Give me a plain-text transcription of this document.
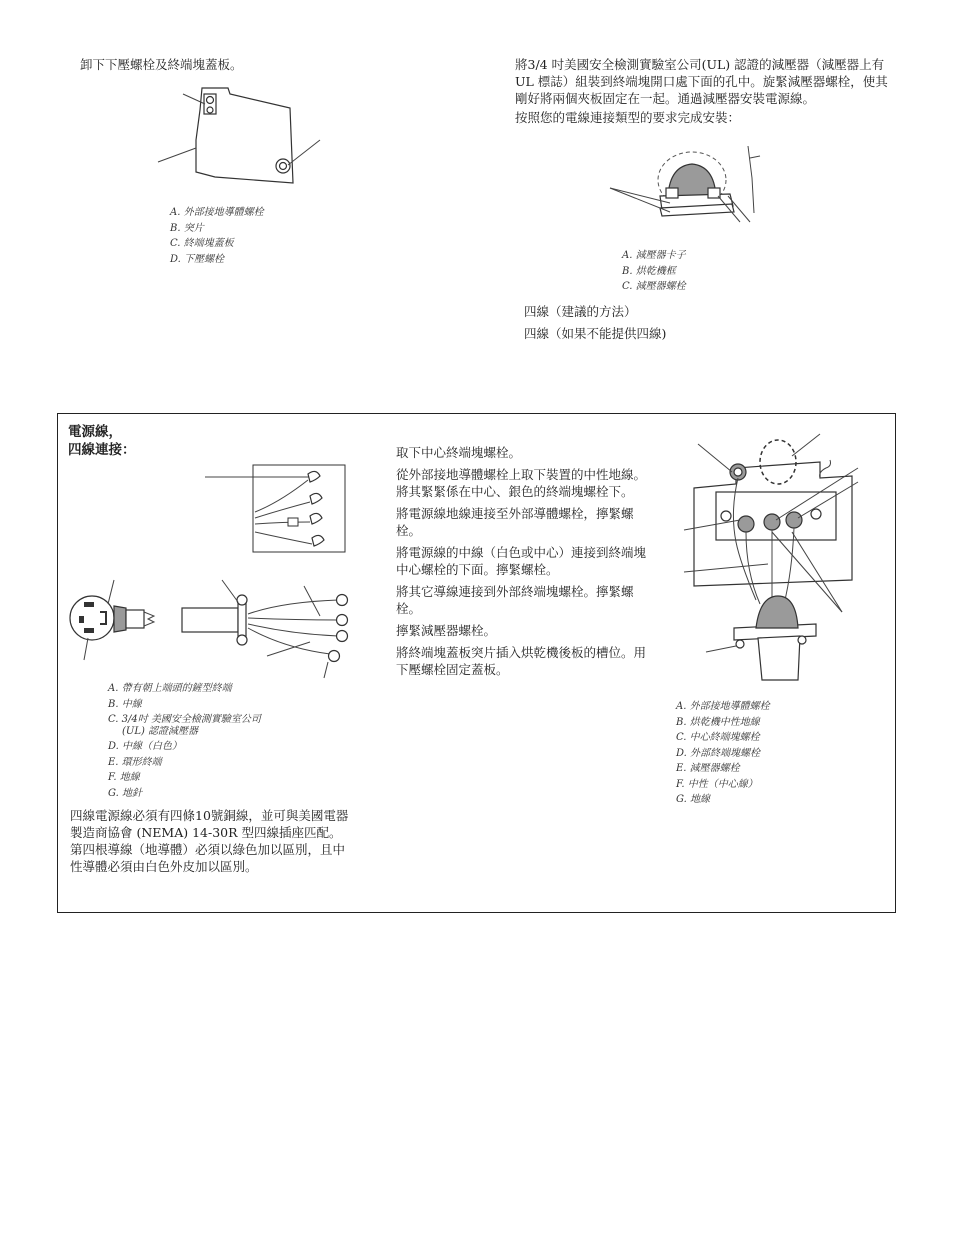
卸下下壓螺栓及終端塊蓋板。

A. 外部接地導體螺栓
B. 突片
C. 終端塊蓋板
D. 下壓螺栓

將3/4 吋美國安全檢測實驗室公司(UL) 認證的減壓器（減壓器上有UL 標誌）組裝到終端塊開口處下面的孔中。旋緊減壓器螺栓，使其剛好將兩個夾板固定在一起。通過減壓器安裝電源線。

按照您的電線連接類型的要求完成安裝：

A. 減壓器卡子
B. 烘乾機框
C. 減壓器螺栓

四線（建議的方法）

四線（如果不能提供四線)

電源線，
四線連接：
A. 帶有朝上端頭的鏟型終端
B. 中線
C. 3/4吋 美國安全檢測實驗室公司
(UL) 認證減壓器
D. 中線（白色）
E. 環形終端
F. 地線
G. 地針

四線電源線必須有四條10號銅線，並可與美國電器製造商協會 (NEMA) 14-30R 型四線插座匹配。 第四根導線（地導體）必須以綠色加以區別，且中性導體必須由白色外皮加以區別。

取下中心終端塊螺栓。

從外部接地導體螺栓上取下裝置的中性地線。將其緊緊係在中心、銀色的終端塊螺栓下。

將電源線地線連接至外部導體螺栓，擰緊螺栓。

將電源線的中線（白色或中心）連接到終端塊中心螺栓的下面。擰緊螺栓。

將其它導線連接到外部終端塊螺栓。擰緊螺栓。

擰緊減壓器螺栓。

將終端塊蓋板突片插入烘乾機後板的槽位。用下壓螺栓固定蓋板。

A. 外部接地導體螺栓
B. 烘乾機中性地線
C. 中心終端塊螺栓
D. 外部終端塊螺栓
E. 減壓器螺栓
F. 中性（中心線）
G. 地線
